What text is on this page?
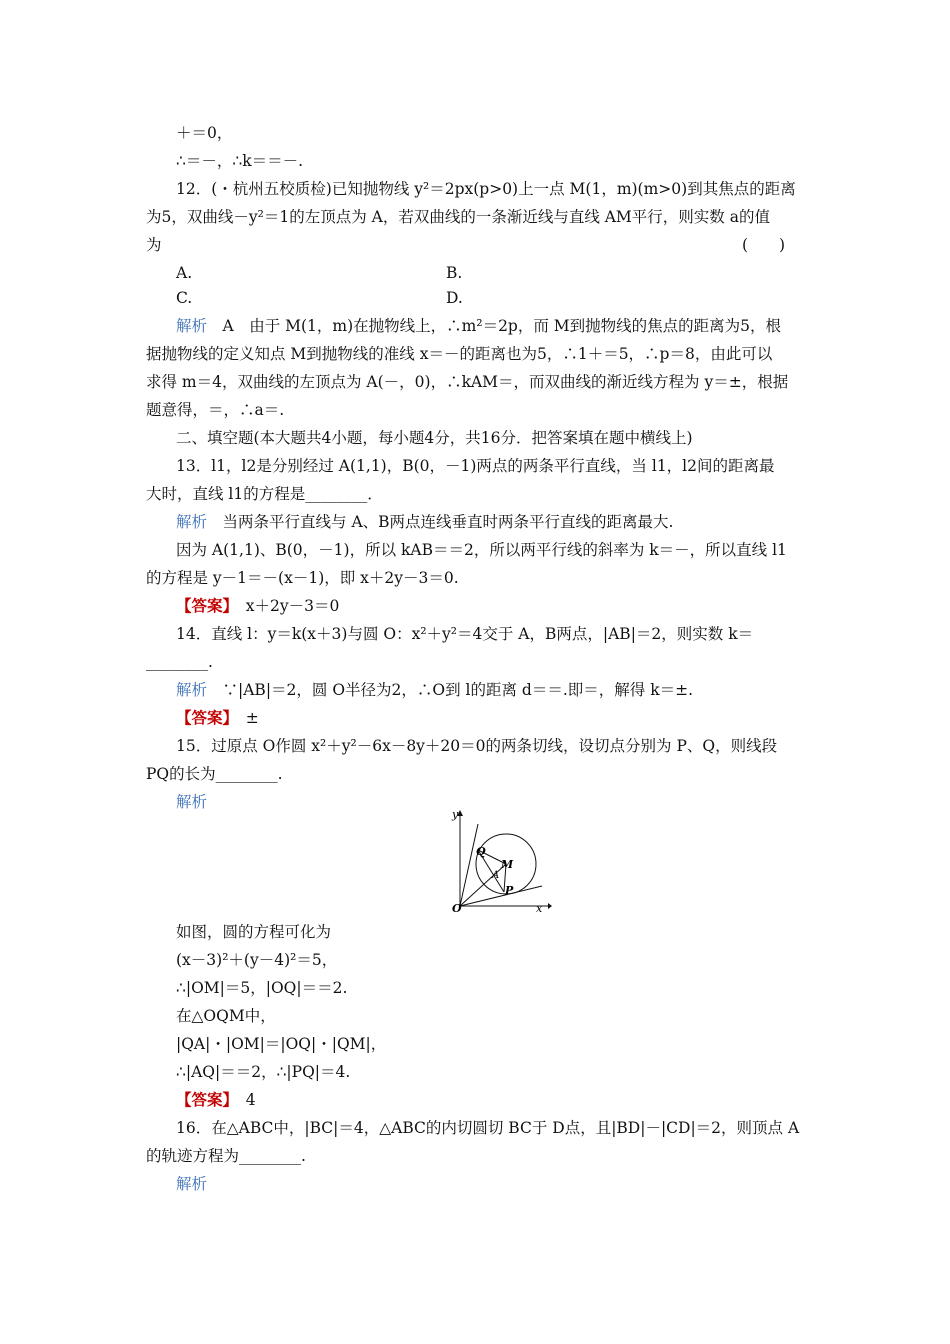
＋＝0，
∴＝－，∴k＝＝－.
12．(・杭州五校质检)已知抛物线 y²＝2px(p>0)上一点 M(1，m)(m>0)到其焦点的距离
为5，双曲线－y²＝1的左顶点为 A，若双曲线的一条渐近线与直线 AM平行，则实数 a的值
为	(　　)
A.	B.
C.	D.
解析　A　由于 M(1，m)在抛物线上，∴m²＝2p，而 M到抛物线的焦点的距离为5，根
据抛物线的定义知点 M到抛物线的准线 x＝－的距离也为5，∴1＋＝5，∴p＝8，由此可以
求得 m＝4，双曲线的左顶点为 A(－，0)，∴kAM＝，而双曲线的渐近线方程为 y＝±，根据
题意得，＝，∴a＝.
二、填空题(本大题共4小题，每小题4分，共16分．把答案填在题中横线上)
13．l1，l2是分别经过 A(1,1)，B(0，－1)两点的两条平行直线，当 l1，l2间的距离最
大时，直线 l1的方程是________．
解析　当两条平行直线与 A、B两点连线垂直时两条平行直线的距离最大.
因为 A(1,1)、B(0，－1)，所以 kAB＝＝2，所以两平行线的斜率为 k＝－，所以直线 l1
的方程是 y－1＝－(x－1)，即 x＋2y－3＝0.
【答案】　x＋2y－3＝0
14．直线 l：y＝k(x＋3)与圆 O：x²＋y²＝4交于 A，B两点，|AB|＝2，则实数 k＝
________.
解析　∵|AB|＝2，圆 O半径为2，∴O到 l的距离 d＝＝.即＝，解得 k＝±.
【答案】　±
15．过原点 O作圆 x²＋y²－6x－8y＋20＝0的两条切线，设切点分别为 P、Q，则线段
PQ的长为________.
解析
y
x
O
Q
M
A
P
如图，圆的方程可化为
(x－3)²＋(y－4)²＝5，
∴|OM|＝5，|OQ|＝＝2.
在△OQM中，
|QA|・|OM|＝|OQ|・|QM|，
∴|AQ|＝＝2，∴|PQ|＝4.
【答案】　4
16．在△ABC中，|BC|＝4，△ABC的内切圆切 BC于 D点，且|BD|－|CD|＝2，则顶点 A
的轨迹方程为________.
解析
